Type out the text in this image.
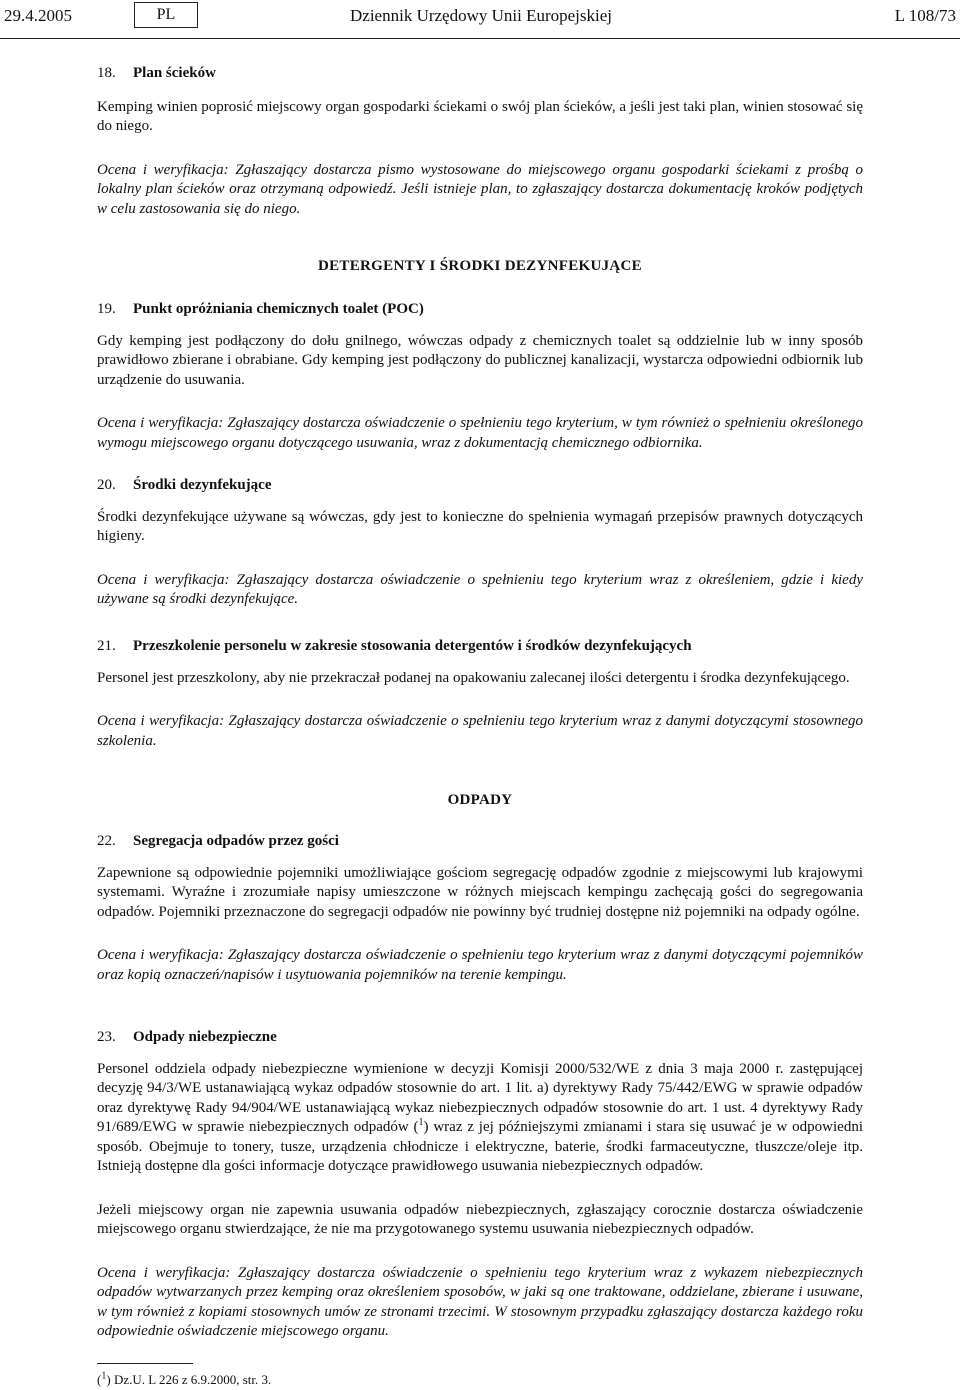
29.4.2005	PL	Dziennik Urzędowy Unii Europejskiej	L 108/73
18. Plan ścieków

Kemping winien poprosić miejscowy organ gospodarki ściekami o swój plan ścieków, a jeśli jest taki plan, winien stosować się do niego.

Ocena i weryfikacja: Zgłaszający dostarcza pismo wystosowane do miejscowego organu gospodarki ściekami z prośbą o lokalny plan ścieków oraz otrzymaną odpowiedź. Jeśli istnieje plan, to zgłaszający dostarcza dokumentację kroków podjętych w celu zastosowania się do niego.

DETERGENTY I ŚRODKI DEZYNFEKUJĄCE
19. Punkt opróżniania chemicznych toalet (POC)

Gdy kemping jest podłączony do dołu gnilnego, wówczas odpady z chemicznych toalet są oddzielnie lub w inny sposób prawidłowo zbierane i obrabiane. Gdy kemping jest podłączony do publicznej kanalizacji, wystarcza odpowiedni odbiornik lub urządzenie do usuwania.

Ocena i weryfikacja: Zgłaszający dostarcza oświadczenie o spełnieniu tego kryterium, w tym również o spełnieniu określonego wymogu miejscowego organu dotyczącego usuwania, wraz z dokumentacją chemicznego odbiornika.

20. Środki dezynfekujące

Środki dezynfekujące używane są wówczas, gdy jest to konieczne do spełnienia wymagań przepisów prawnych dotyczących higieny.

Ocena i weryfikacja: Zgłaszający dostarcza oświadczenie o spełnieniu tego kryterium wraz z określeniem, gdzie i kiedy używane są środki dezynfekujące.

21. Przeszkolenie personelu w zakresie stosowania detergentów i środków dezynfekujących

Personel jest przeszkolony, aby nie przekraczał podanej na opakowaniu zalecanej ilości detergentu i środka dezynfekującego.

Ocena i weryfikacja: Zgłaszający dostarcza oświadczenie o spełnieniu tego kryterium wraz z danymi dotyczącymi stosownego szkolenia.

ODPADY
22. Segregacja odpadów przez gości

Zapewnione są odpowiednie pojemniki umożliwiające gościom segregację odpadów zgodnie z miejscowymi lub krajowymi systemami. Wyraźne i zrozumiałe napisy umieszczone w różnych miejscach kempingu zachęcają gości do segregowania odpadów. Pojemniki przeznaczone do segregacji odpadów nie powinny być trudniej dostępne niż pojemniki na odpady ogólne.

Ocena i weryfikacja: Zgłaszający dostarcza oświadczenie o spełnieniu tego kryterium wraz z danymi dotyczącymi pojemników oraz kopią oznaczeń/napisów i usytuowania pojemników na terenie kempingu.

23. Odpady niebezpieczne

Personel oddziela odpady niebezpieczne wymienione w decyzji Komisji 2000/532/WE z dnia 3 maja 2000 r. zastępującej decyzję 94/3/WE ustanawiającą wykaz odpadów stosownie do art. 1 lit. a) dyrektywy Rady 75/442/EWG w sprawie odpadów oraz dyrektywę Rady 94/904/WE ustanawiającą wykaz niebezpiecznych odpadów stosownie do art. 1 ust. 4 dyrektywy Rady 91/689/EWG w sprawie niebezpiecznych odpadów ($^1$) wraz z jej późniejszymi zmianami i stara się usuwać je w odpowiedni sposób. Obejmuje to tonery, tusze, urządzenia chłodnicze i elektryczne, baterie, środki farmaceutyczne, tłuszcze/oleje itp. Istnieją dostępne dla gości informacje dotyczące prawidłowego usuwania niebezpiecznych odpadów.

Jeżeli miejscowy organ nie zapewnia usuwania odpadów niebezpiecznych, zgłaszający corocznie dostarcza oświadczenie miejscowego organu stwierdzające, że nie ma przygotowanego systemu usuwania niebezpiecznych odpadów.

Ocena i weryfikacja: Zgłaszający dostarcza oświadczenie o spełnieniu tego kryterium wraz z wykazem niebezpiecznych odpadów wytwarzanych przez kemping oraz określeniem sposobów, w jaki są one traktowane, oddzielane, zbierane i usuwane, w tym również z kopiami stosownych umów ze stronami trzecimi. W stosownym przypadku zgłaszający dostarcza każdego roku odpowiednie oświadczenie miejscowego organu.

($^1$) Dz.U. L 226 z 6.9.2000, str. 3.
